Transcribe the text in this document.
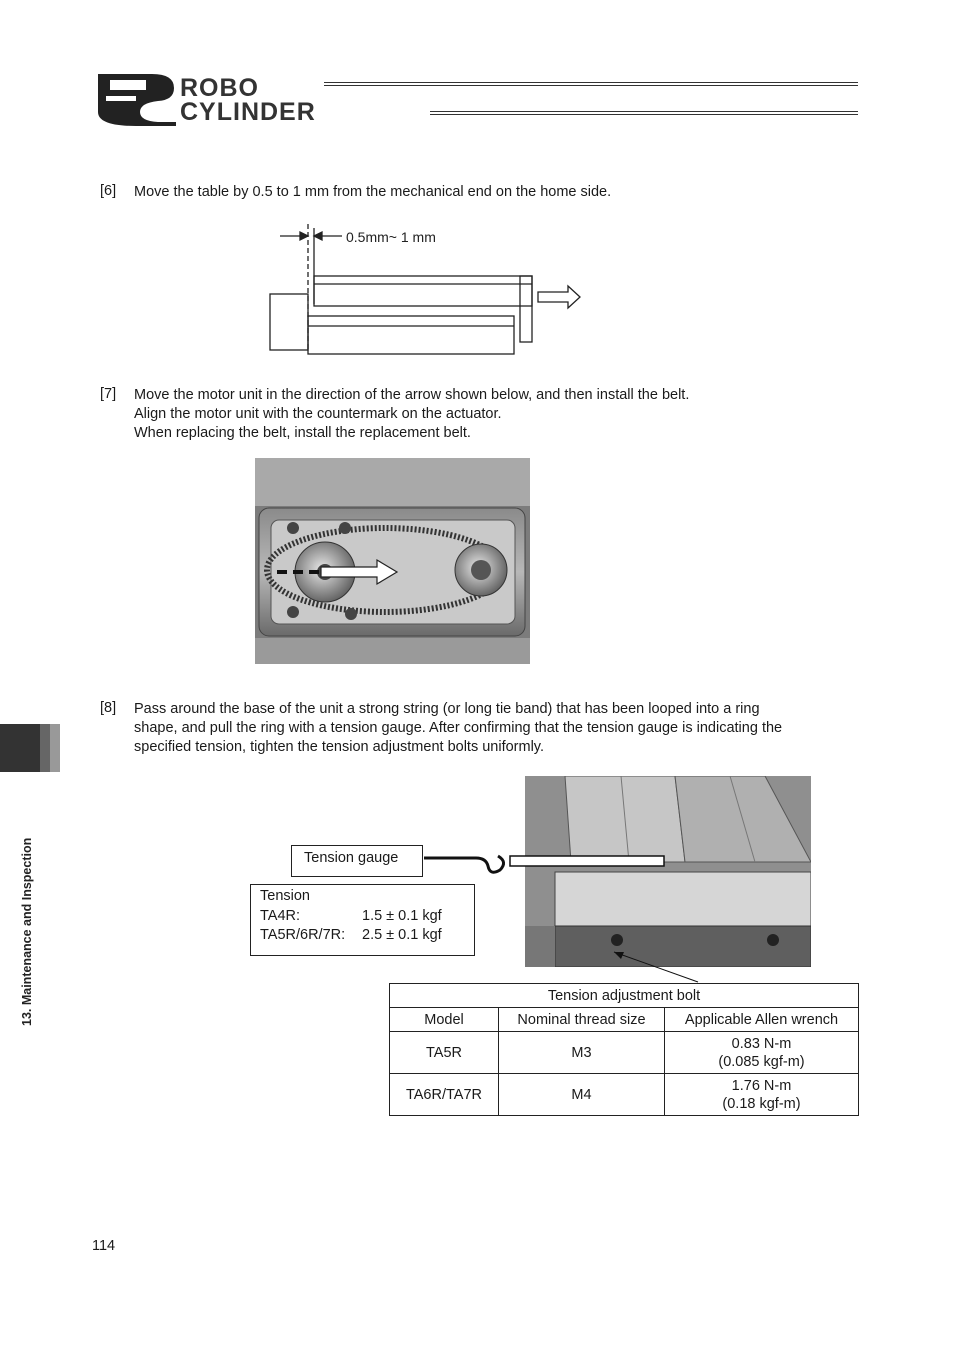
ROBO
CYLINDER
[6] Move the table by 0.5 to 1 mm from the mechanical end on the home side.
0.5mm~ 1 mm
[7] Move the motor unit in the direction of the arrow shown below, and then install the belt.
Align the motor unit with the countermark on the actuator.
When replacing the belt, install the replacement belt.
[8] Pass around the base of the unit a strong string (or long tie band) that has been looped into a ring
shape, and pull the ring with a tension gauge. After confirming that the tension gauge is indicating the
specified tension, tighten the tension adjustment bolts uniformly.
13. Maintenance and Inspection	Tension gauge
Tension
TA4R:	1.5 ± 0.1 kgf
TA5R/6R/7R:	2.5 ± 0.1 kgf
Tension adjustment bolt		
Model	Nominal thread size	Applicable Allen wrench
TA5R	M3	0.83 N-m
(0.085 kgf-m)

TA6R/TA7R	M4	1.76 N-m
(0.18 kgf-m)
114
